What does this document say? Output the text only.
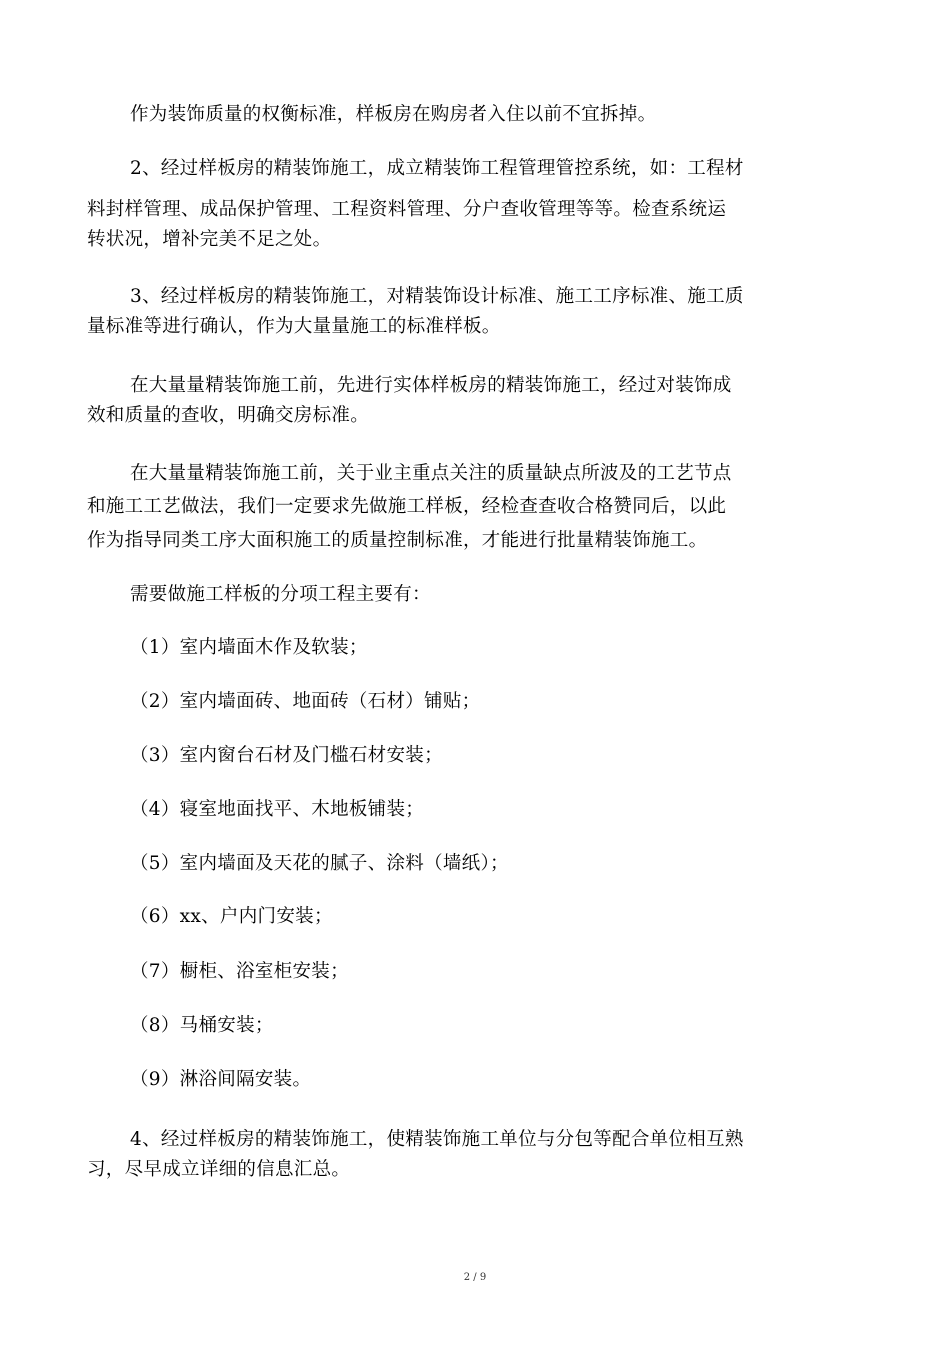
作为装饰质量的权衡标准，样板房在购房者入住以前不宜拆掉。
2、经过样板房的精装饰施工，成立精装饰工程管理管控系统，如：工程材
料封样管理、成品保护管理、工程资料管理、分户查收管理等等。检查系统运
转状况，增补完美不足之处。
3、经过样板房的精装饰施工，对精装饰设计标准、施工工序标准、施工质
量标准等进行确认，作为大量量施工的标准样板。
在大量量精装饰施工前，先进行实体样板房的精装饰施工，经过对装饰成
效和质量的查收，明确交房标准。
在大量量精装饰施工前，关于业主重点关注的质量缺点所波及的工艺节点
和施工工艺做法，我们一定要求先做施工样板，经检查查收合格赞同后，以此
作为指导同类工序大面积施工的质量控制标准，才能进行批量精装饰施工。
需要做施工样板的分项工程主要有：
（1）室内墙面木作及软装；
（2）室内墙面砖、地面砖（石材）铺贴；
（3）室内窗台石材及门槛石材安装；
（4）寝室地面找平、木地板铺装；
（5）室内墙面及天花的腻子、涂料（墙纸）；
（6）xx、户内门安装；
（7）橱柜、浴室柜安装；
（8）马桶安装；
（9）淋浴间隔安装。
4、经过样板房的精装饰施工，使精装饰施工单位与分包等配合单位相互熟
习，尽早成立详细的信息汇总。
2 / 9
